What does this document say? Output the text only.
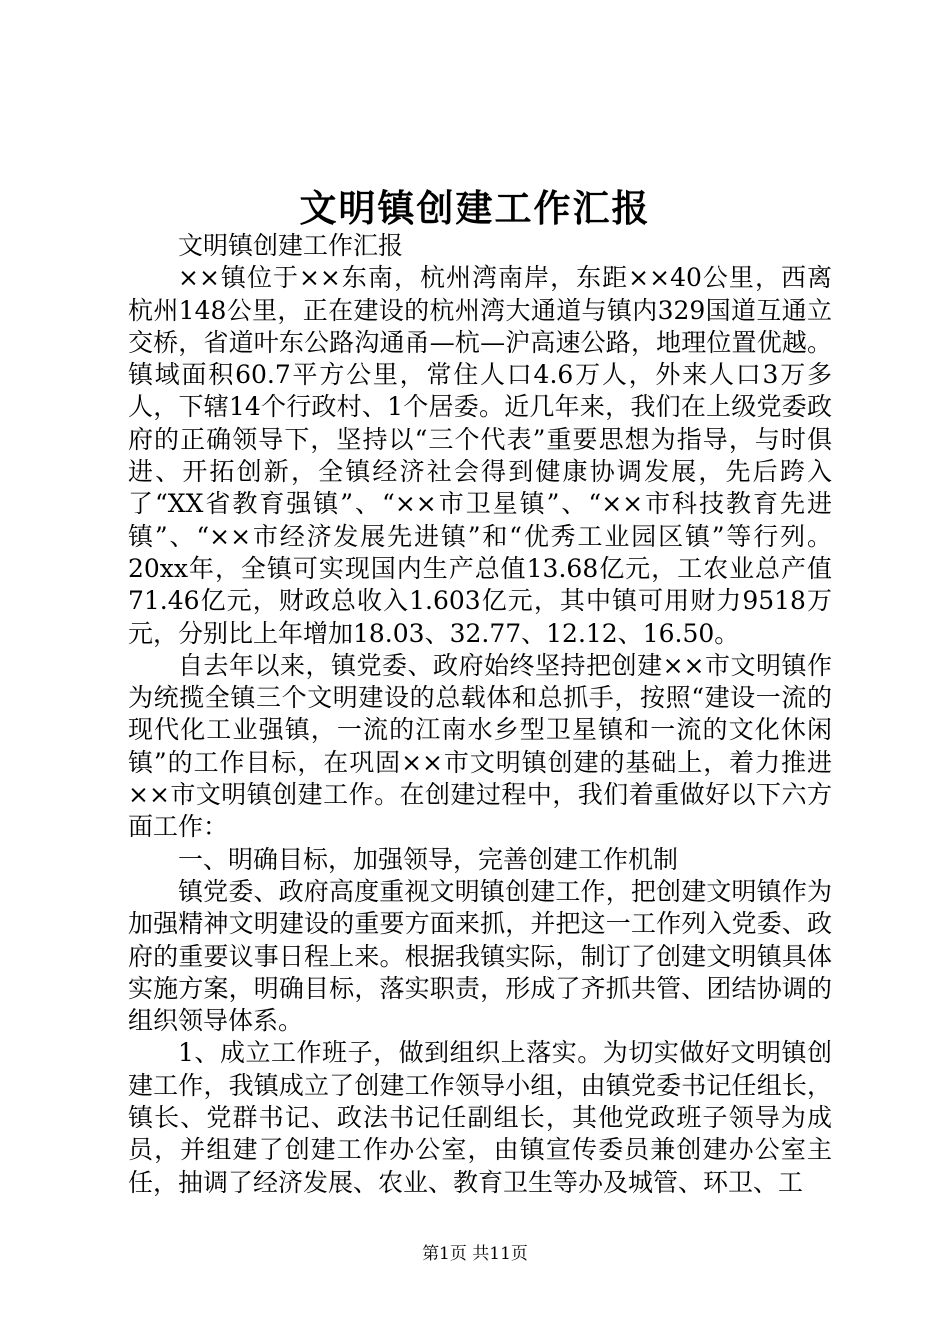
文明镇创建工作汇报

文明镇创建工作汇报

××镇位于××东南，杭州湾南岸，东距××40公里，西离杭州148公里，正在建设的杭州湾大通道与镇内329国道互通立交桥，省道叶东公路沟通甬—杭—沪高速公路，地理位置优越。镇域面积60.7平方公里，常住人口4.6万人，外来人口3万多人，下辖14个行政村、1个居委。近几年来，我们在上级党委政府的正确领导下，坚持以“三个代表”重要思想为指导，与时俱进、开拓创新，全镇经济社会得到健康协调发展，先后跨入了“XX省教育强镇”、“××市卫星镇”、“××市科技教育先进镇”、“××市经济发展先进镇”和“优秀工业园区镇”等行列。20xx年，全镇可实现国内生产总值13.68亿元，工农业总产值71.46亿元，财政总收入1.603亿元，其中镇可用财力9518万元，分别比上年增加18.03、32.77、12.12、16.50。

自去年以来，镇党委、政府始终坚持把创建××市文明镇作为统揽全镇三个文明建设的总载体和总抓手，按照“建设一流的现代化工业强镇，一流的江南水乡型卫星镇和一流的文化休闲镇”的工作目标，在巩固××市文明镇创建的基础上，着力推进××市文明镇创建工作。在创建过程中，我们着重做好以下六方面工作：

一、明确目标，加强领导，完善创建工作机制

镇党委、政府高度重视文明镇创建工作，把创建文明镇作为加强精神文明建设的重要方面来抓，并把这一工作列入党委、政府的重要议事日程上来。根据我镇实际，制订了创建文明镇具体实施方案，明确目标，落实职责，形成了齐抓共管、团结协调的组织领导体系。

1、成立工作班子，做到组织上落实。为切实做好文明镇创建工作，我镇成立了创建工作领导小组，由镇党委书记任组长，镇长、党群书记、政法书记任副组长，其他党政班子领导为成员，并组建了创建工作办公室，由镇宣传委员兼创建办公室主任，抽调了经济发展、农业、教育卫生等办及城管、环卫、工

第1页 共11页
